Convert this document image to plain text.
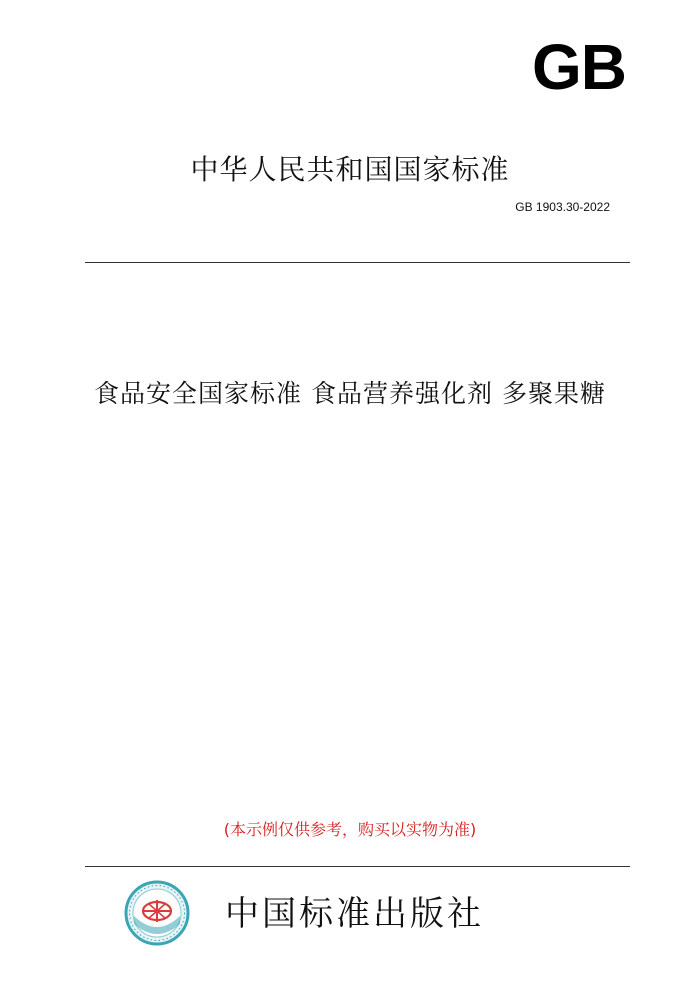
GB
中华人民共和国国家标准
GB 1903.30-2022
食品安全国家标准 食品营养强化剂 多聚果糖
(本示例仅供参考，购买以实物为准)
中国标准出版社
